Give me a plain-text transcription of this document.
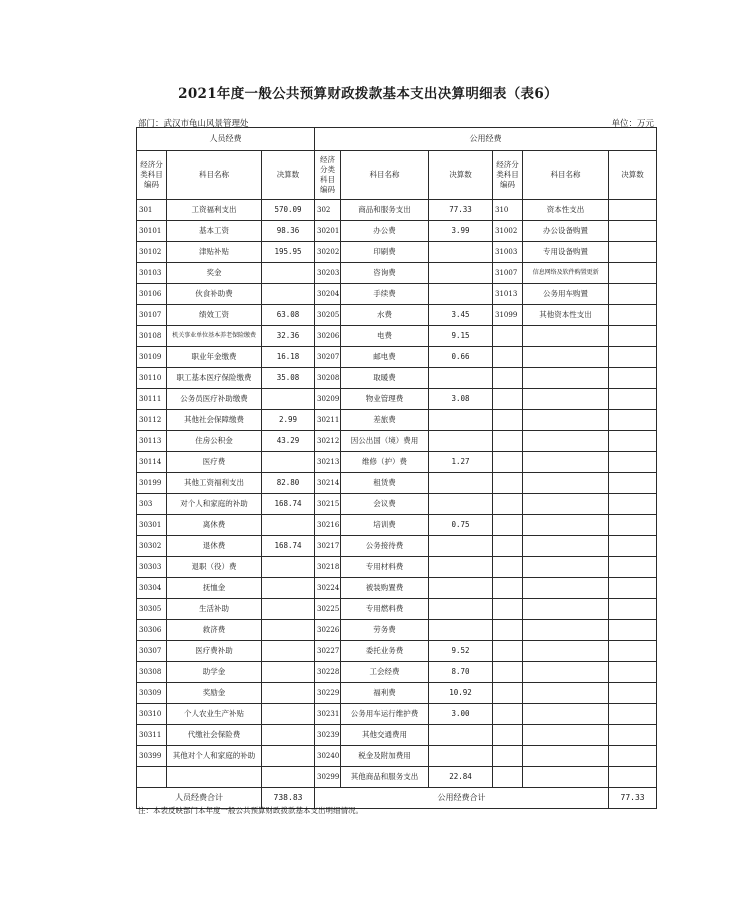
2021年度一般公共预算财政拨款基本支出决算明细表（表6）
部门：武汉市龟山风景管理处	单位：万元
人员经费			公用经费					
经济分类科目编码	科目名称	决算数	经济分类科目编码	科目名称	决算数	经济分类科目编码	科目名称	决算数
301	工资福利支出	570.09	302	商品和服务支出	77.33	310	资本性支出	
30101	基本工资	98.36	30201	办公费	3.99	31002	办公设备购置	
30102	津贴补贴	195.95	30202	印刷费		31003	专用设备购置	
30103	奖金		30203	咨询费		31007	信息网络及软件购置更新	
30106	伙食补助费		30204	手续费		31013	公务用车购置	
30107	绩效工资	63.08	30205	水费	3.45	31099	其他资本性支出	
30108	机关事业单位基本养老保险缴费	32.36	30206	电费	9.15			
30109	职业年金缴费	16.18	30207	邮电费	0.66			
30110	职工基本医疗保险缴费	35.08	30208	取暖费				
30111	公务员医疗补助缴费		30209	物业管理费	3.08			
30112	其他社会保障缴费	2.99	30211	差旅费				
30113	住房公积金	43.29	30212	因公出国（境）费用				
30114	医疗费		30213	维修（护）费	1.27			
30199	其他工资福利支出	82.80	30214	租赁费				
303	对个人和家庭的补助	168.74	30215	会议费				
30301	离休费		30216	培训费	0.75			
30302	退休费	168.74	30217	公务接待费				
30303	退职（役）费		30218	专用材料费				
30304	抚恤金		30224	被装购置费				
30305	生活补助		30225	专用燃料费				
30306	救济费		30226	劳务费				
30307	医疗费补助		30227	委托业务费	9.52			
30308	助学金		30228	工会经费	8.70			
30309	奖励金		30229	福利费	10.92			
30310	个人农业生产补贴		30231	公务用车运行维护费	3.00			
30311	代缴社会保险费		30239	其他交通费用				
30399	其他对个人和家庭的补助		30240	税金及附加费用				
			30299	其他商品和服务支出	22.84			
人员经费合计		738.83	公用经费合计					77.33
注：本表反映部门本年度一般公共预算财政拨款基本支出明细情况。
